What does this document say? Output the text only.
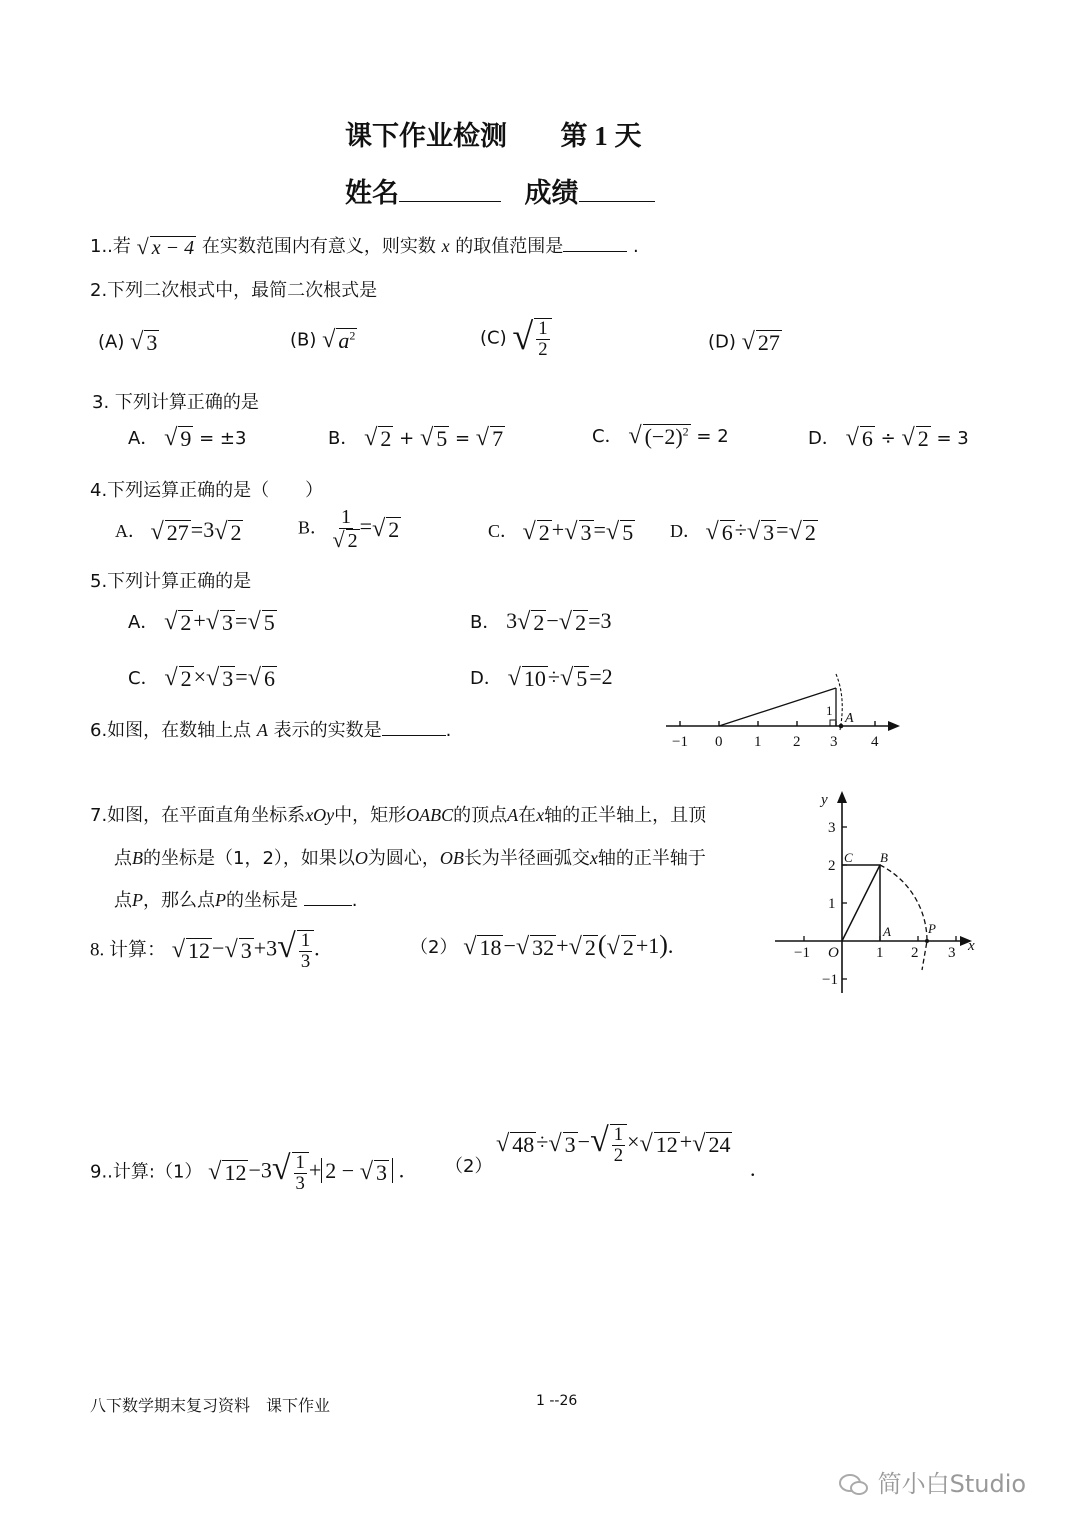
课下作业检测 第 1 天
姓名	成绩
1..若 √ x − 4 在实数范围内有意义，则实数 x 的取值范围是	.
2.下列二次根式中，最简二次根式是
(A) √ 3	(B) √ $a^2$	(C) √ $\frac{1}{2}$	(D) √ 27
3. 下列计算正确的是
A． √ 9 = ±3	B． √ 2 + √ 5 = √ 7	C． √ $(-2)^2 = 2$	D． √ 6 ÷ √ 2 = 3
4.下列运算正确的是（　　）
A． √ 27 =3 √ 2	B． $\frac{1}{√ 2}$ = √ 2	C． √ 2 + √ 3 = √ 5 D． √ 6 ÷ √ 3 = √ 2
5.下列计算正确的是
A． √ 2 + √ 3 = √ 5	B． 3 √ 2 − √ 2 =3
C． √ 2 × √ 3 = √ 6	D． √ 10 ÷ √ 5 =2
6.如图，在数轴上点 A 表示的实数是	.
−1 0 1 2 3 4
1
A
7.如图，在平面直角坐标系xOy中，矩形OABC的顶点A在x轴的正半轴上，且顶
点B的坐标是（1，2），如果以O为圆心，OB长为半径画弧交x轴的正半轴于
点P，那么点P的坐标是	.
y
x
3
2
1
−1
−1	1 2 3
O
A
B
C
P
8. 计算： √ 12 − √ 3 +3 √ $\frac{1}{3}$ .	（2） √ 18 − √ 32 + √ 2 ( √ 2 +1).
9..计算:（1） √ 12 −3 √ $\frac{1}{3} + 2$ − √ 3 . （2）
√ 48 ÷ √ 3 − √ $\frac{1}{2}$ × √ 12 + √ 24
.
八下数学期末复习资料　课下作业	1 --26
简小白Studio
